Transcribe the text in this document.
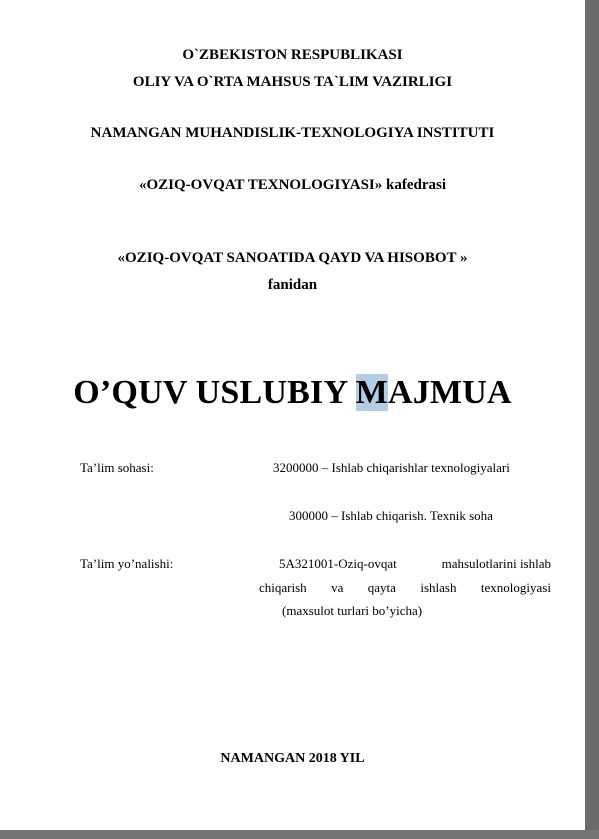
O`ZBEKISTON RESPUBLIKASI
OLIY VA O`RTA MAHSUS TA`LIM VAZIRLIGI
NAMANGAN MUHANDISLIK-TEXNOLOGIYA INSTITUTI
«OZIQ-OVQAT TEXNOLOGIYASI» kafedrasi
«OZIQ-OVQAT SANOATIDA QAYD VA HISOBOT »
fanidan
O’QUV USLUBIY MAJMUA
Ta’lim sohasi:	3200000 – Ishlab chiqarishlar texnologiyalari
300000 – Ishlab chiqarish. Texnik soha
Ta’lim yo’nalishi:	5A321001-Oziq-ovqat	mahsulotlarini ishlab
chiqarish va qayta ishlash texnologiyasi
(maxsulot turlari bo’yicha)
NAMANGAN 2018 YIL
